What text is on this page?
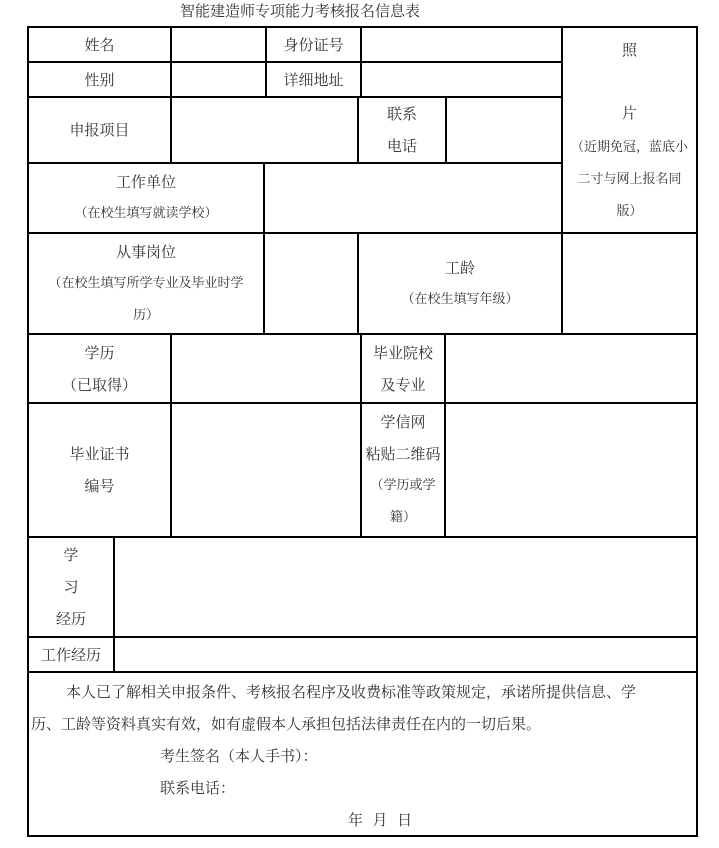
智能建造师专项能力考核报名信息表
姓名	身份证号
性别	详细地址
照
片
（近期免冠，蓝底小
二寸与网上报名同
版）
申报项目
联系
电话
工作单位
（在校生填写就读学校）
从事岗位
（在校生填写所学专业及毕业时学
历）
工龄
（在校生填写年级）
学历
（已取得）
毕业院校
及专业
毕业证书
编号
学信网
粘贴二维码
（学历或学
籍）
学
习
经历
工作经历
本人已了解相关申报条件、考核报名程序及收费标准等政策规定，承诺所提供信息、学
历、工龄等资料真实有效，如有虚假本人承担包括法律责任在内的一切后果。
考生签名（本人手书）：
联系电话：
年  月  日
